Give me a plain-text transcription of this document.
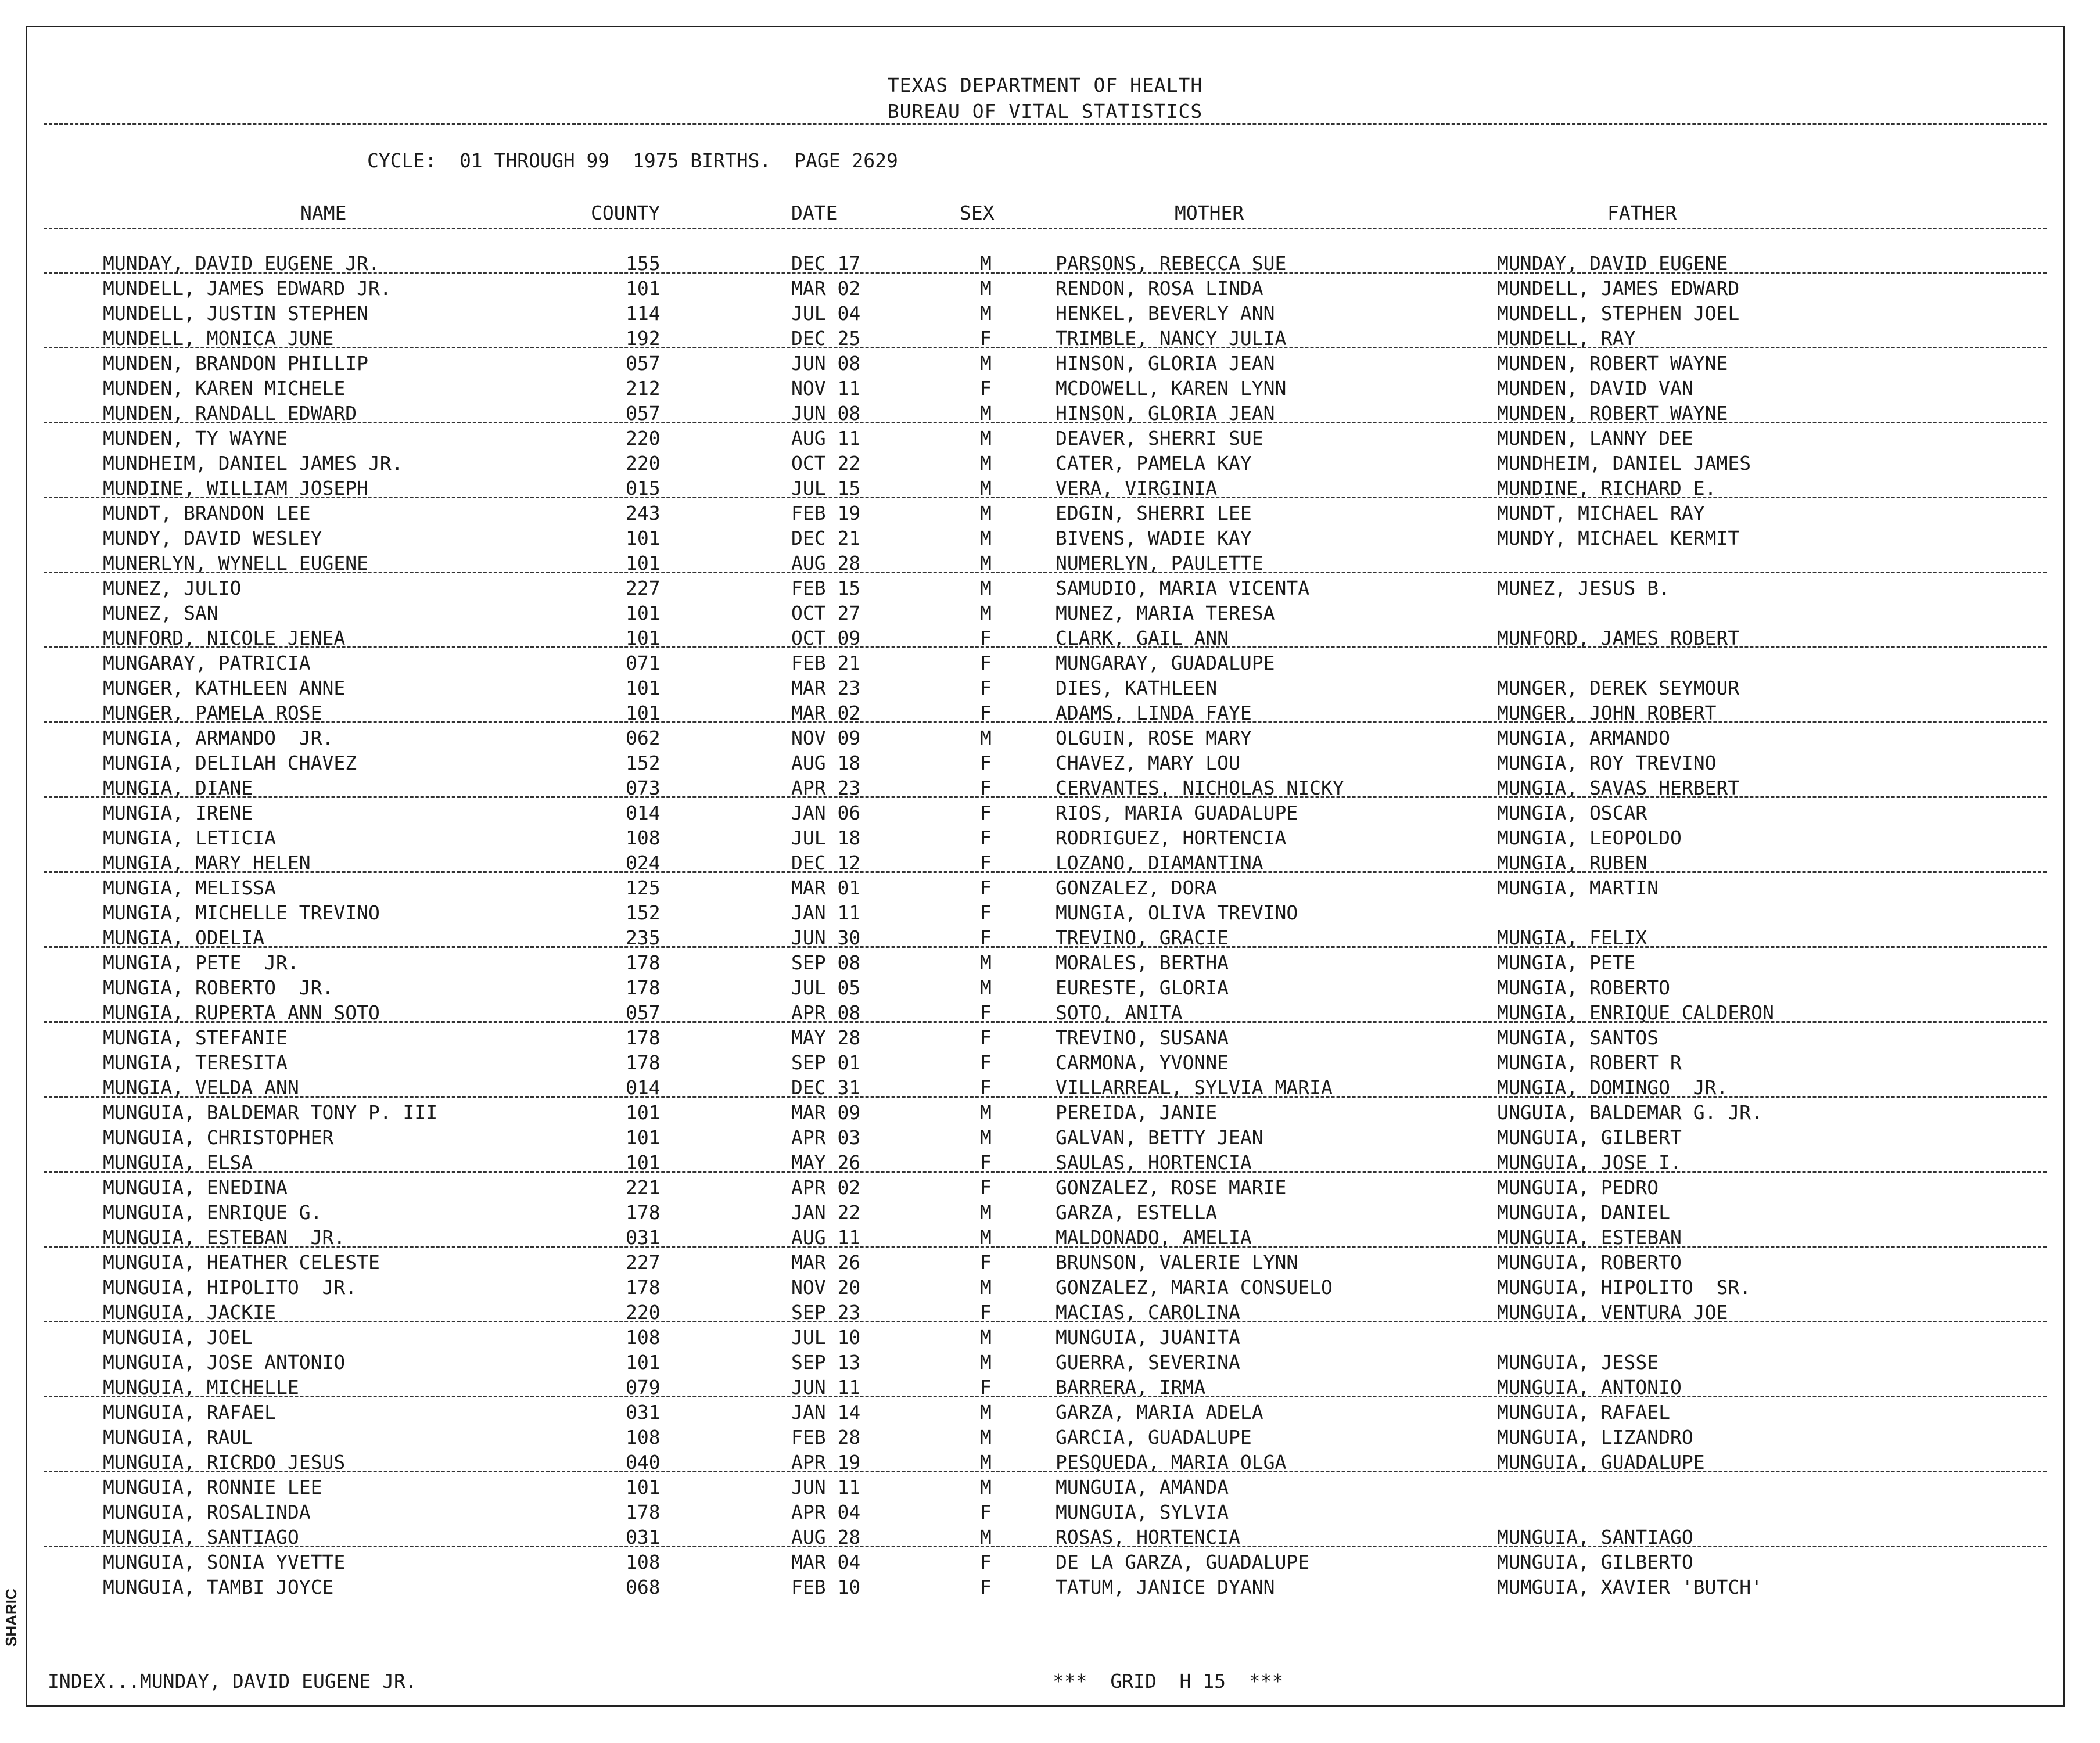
TEXAS DEPARTMENT OF HEALTH
BUREAU OF VITAL STATISTICS
CYCLE:  01 THROUGH 99  1975 BIRTHS.  PAGE 2629
NAME	COUNTY	DATE	SEX	MOTHER	FATHER
MUNDAY, DAVID EUGENE JR.	155	DEC 17	M	PARSONS, REBECCA SUE	MUNDAY, DAVID EUGENE
MUNDELL, JAMES EDWARD JR.	101	MAR 02	M	RENDON, ROSA LINDA	MUNDELL, JAMES EDWARD
MUNDELL, JUSTIN STEPHEN	114	JUL 04	M	HENKEL, BEVERLY ANN	MUNDELL, STEPHEN JOEL
MUNDELL, MONICA JUNE	192	DEC 25	F	TRIMBLE, NANCY JULIA	MUNDELL, RAY
MUNDEN, BRANDON PHILLIP	057	JUN 08	M	HINSON, GLORIA JEAN	MUNDEN, ROBERT WAYNE
MUNDEN, KAREN MICHELE	212	NOV 11	F	MCDOWELL, KAREN LYNN	MUNDEN, DAVID VAN
MUNDEN, RANDALL EDWARD	057	JUN 08	M	HINSON, GLORIA JEAN	MUNDEN, ROBERT WAYNE
MUNDEN, TY WAYNE	220	AUG 11	M	DEAVER, SHERRI SUE	MUNDEN, LANNY DEE
MUNDHEIM, DANIEL JAMES JR.	220	OCT 22	M	CATER, PAMELA KAY	MUNDHEIM, DANIEL JAMES
MUNDINE, WILLIAM JOSEPH	015	JUL 15	M	VERA, VIRGINIA	MUNDINE, RICHARD E.
MUNDT, BRANDON LEE	243	FEB 19	M	EDGIN, SHERRI LEE	MUNDT, MICHAEL RAY
MUNDY, DAVID WESLEY	101	DEC 21	M	BIVENS, WADIE KAY	MUNDY, MICHAEL KERMIT
MUNERLYN, WYNELL EUGENE	101	AUG 28	M	NUMERLYN, PAULETTE
MUNEZ, JULIO	227	FEB 15	M	SAMUDIO, MARIA VICENTA	MUNEZ, JESUS B.
MUNEZ, SAN	101	OCT 27	M	MUNEZ, MARIA TERESA
MUNFORD, NICOLE JENEA	101	OCT 09	F	CLARK, GAIL ANN	MUNFORD, JAMES ROBERT
MUNGARAY, PATRICIA	071	FEB 21	F	MUNGARAY, GUADALUPE
MUNGER, KATHLEEN ANNE	101	MAR 23	F	DIES, KATHLEEN	MUNGER, DEREK SEYMOUR
MUNGER, PAMELA ROSE	101	MAR 02	F	ADAMS, LINDA FAYE	MUNGER, JOHN ROBERT
MUNGIA, ARMANDO  JR.	062	NOV 09	M	OLGUIN, ROSE MARY	MUNGIA, ARMANDO
MUNGIA, DELILAH CHAVEZ	152	AUG 18	F	CHAVEZ, MARY LOU	MUNGIA, ROY TREVINO
MUNGIA, DIANE	073	APR 23	F	CERVANTES, NICHOLAS NICKY	MUNGIA, SAVAS HERBERT
MUNGIA, IRENE	014	JAN 06	F	RIOS, MARIA GUADALUPE	MUNGIA, OSCAR
MUNGIA, LETICIA	108	JUL 18	F	RODRIGUEZ, HORTENCIA	MUNGIA, LEOPOLDO
MUNGIA, MARY HELEN	024	DEC 12	F	LOZANO, DIAMANTINA	MUNGIA, RUBEN
MUNGIA, MELISSA	125	MAR 01	F	GONZALEZ, DORA	MUNGIA, MARTIN
MUNGIA, MICHELLE TREVINO	152	JAN 11	F	MUNGIA, OLIVA TREVINO
MUNGIA, ODELIA	235	JUN 30	F	TREVINO, GRACIE	MUNGIA, FELIX
MUNGIA, PETE  JR.	178	SEP 08	M	MORALES, BERTHA	MUNGIA, PETE
MUNGIA, ROBERTO  JR.	178	JUL 05	M	EURESTE, GLORIA	MUNGIA, ROBERTO
MUNGIA, RUPERTA ANN SOTO	057	APR 08	F	SOTO, ANITA	MUNGIA, ENRIQUE CALDERON
MUNGIA, STEFANIE	178	MAY 28	F	TREVINO, SUSANA	MUNGIA, SANTOS
MUNGIA, TERESITA	178	SEP 01	F	CARMONA, YVONNE	MUNGIA, ROBERT R
MUNGIA, VELDA ANN	014	DEC 31	F	VILLARREAL, SYLVIA MARIA	MUNGIA, DOMINGO  JR.
MUNGUIA, BALDEMAR TONY P. III	101	MAR 09	M	PEREIDA, JANIE	UNGUIA, BALDEMAR G. JR.
MUNGUIA, CHRISTOPHER	101	APR 03	M	GALVAN, BETTY JEAN	MUNGUIA, GILBERT
MUNGUIA, ELSA	101	MAY 26	F	SAULAS, HORTENCIA	MUNGUIA, JOSE I.
MUNGUIA, ENEDINA	221	APR 02	F	GONZALEZ, ROSE MARIE	MUNGUIA, PEDRO
MUNGUIA, ENRIQUE G.	178	JAN 22	M	GARZA, ESTELLA	MUNGUIA, DANIEL
MUNGUIA, ESTEBAN  JR.	031	AUG 11	M	MALDONADO, AMELIA	MUNGUIA, ESTEBAN
MUNGUIA, HEATHER CELESTE	227	MAR 26	F	BRUNSON, VALERIE LYNN	MUNGUIA, ROBERTO
MUNGUIA, HIPOLITO  JR.	178	NOV 20	M	GONZALEZ, MARIA CONSUELO	MUNGUIA, HIPOLITO  SR.
MUNGUIA, JACKIE	220	SEP 23	F	MACIAS, CAROLINA	MUNGUIA, VENTURA JOE
MUNGUIA, JOEL	108	JUL 10	M	MUNGUIA, JUANITA
MUNGUIA, JOSE ANTONIO	101	SEP 13	M	GUERRA, SEVERINA	MUNGUIA, JESSE
MUNGUIA, MICHELLE	079	JUN 11	F	BARRERA, IRMA	MUNGUIA, ANTONIO
MUNGUIA, RAFAEL	031	JAN 14	M	GARZA, MARIA ADELA	MUNGUIA, RAFAEL
MUNGUIA, RAUL	108	FEB 28	M	GARCIA, GUADALUPE	MUNGUIA, LIZANDRO
MUNGUIA, RICRDO JESUS	040	APR 19	M	PESQUEDA, MARIA OLGA	MUNGUIA, GUADALUPE
MUNGUIA, RONNIE LEE	101	JUN 11	M	MUNGUIA, AMANDA
MUNGUIA, ROSALINDA	178	APR 04	F	MUNGUIA, SYLVIA
MUNGUIA, SANTIAGO	031	AUG 28	M	ROSAS, HORTENCIA	MUNGUIA, SANTIAGO
MUNGUIA, SONIA YVETTE	108	MAR 04	F	DE LA GARZA, GUADALUPE	MUNGUIA, GILBERTO
MUNGUIA, TAMBI JOYCE	068	FEB 10	F	TATUM, JANICE DYANN	MUMGUIA, XAVIER 'BUTCH'
INDEX...MUNDAY, DAVID EUGENE JR.	***  GRID  H 15  ***
SHARIC
